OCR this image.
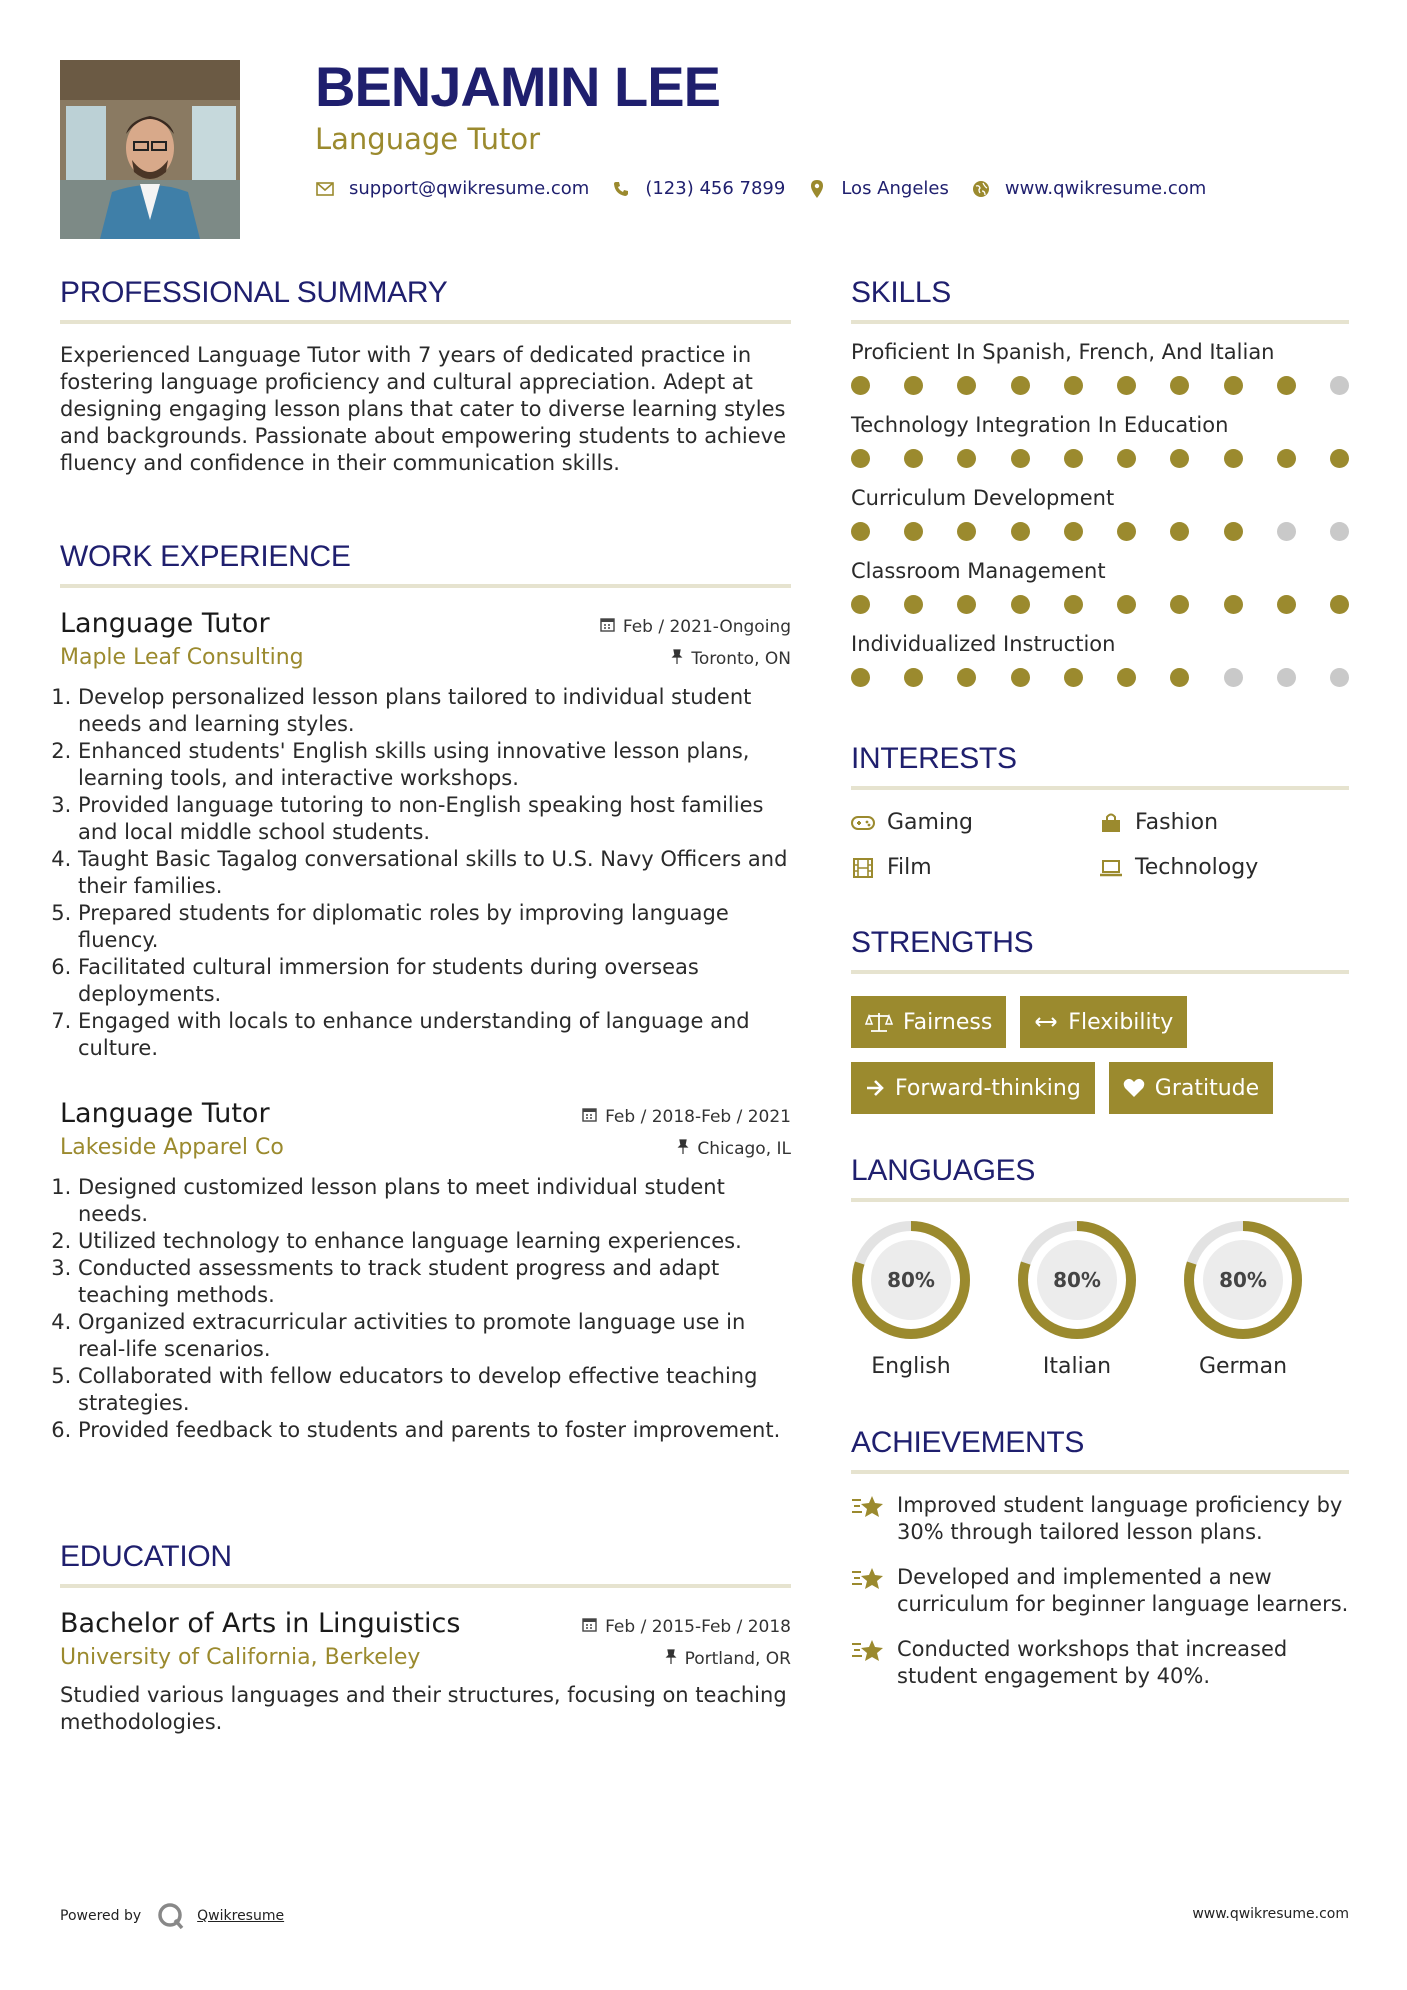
BENJAMIN LEE
Language Tutor
support@qwikresume.com	(123) 456 7899	Los Angeles	www.qwikresume.com
PROFESSIONAL SUMMARY

Experienced Language Tutor with 7 years of dedicated practice in fostering language proficiency and cultural appreciation. Adept at designing engaging lesson plans that cater to diverse learning styles and backgrounds. Passionate about empowering students to achieve fluency and confidence in their communication skills.

WORK EXPERIENCE
Language Tutor	Feb / 2021-Ongoing
Maple Leaf Consulting	Toronto, ON
1. Develop personalized lesson plans tailored to individual student needs and learning styles.
2. Enhanced students' English skills using innovative lesson plans, learning tools, and interactive workshops.
3. Provided language tutoring to non-English speaking host families and local middle school students.
4. Taught Basic Tagalog conversational skills to U.S. Navy Officers and their families.
5. Prepared students for diplomatic roles by improving language fluency.
6. Facilitated cultural immersion for students during overseas deployments.
7. Engaged with locals to enhance understanding of language and culture.
Language Tutor	Feb / 2018-Feb / 2021
Lakeside Apparel Co	Chicago, IL
1. Designed customized lesson plans to meet individual student needs.
2. Utilized technology to enhance language learning experiences.
3. Conducted assessments to track student progress and adapt teaching methods.
4. Organized extracurricular activities to promote language use in real-life scenarios.
5. Collaborated with fellow educators to develop effective teaching strategies.
6. Provided feedback to students and parents to foster improvement.
EDUCATION
Bachelor of Arts in Linguistics	Feb / 2015-Feb / 2018
University of California, Berkeley	Portland, OR

Studied various languages and their structures, focusing on teaching methodologies.

SKILLS
Proficient In Spanish, French, And Italian
Technology Integration In Education
Curriculum Development
Classroom Management
Individualized Instruction
INTERESTS
Gaming	Fashion
Film	Technology
STRENGTHS
Fairness	Flexibility
Forward-thinking	Gratitude
LANGUAGES
80%
English
80%
Italian
80%
German
ACHIEVEMENTS
Improved student language proficiency by 30% through tailored lesson plans.
Developed and implemented a new curriculum for beginner language learners.
Conducted workshops that increased student engagement by 40%.
Powered by	Qwikresume	www.qwikresume.com
